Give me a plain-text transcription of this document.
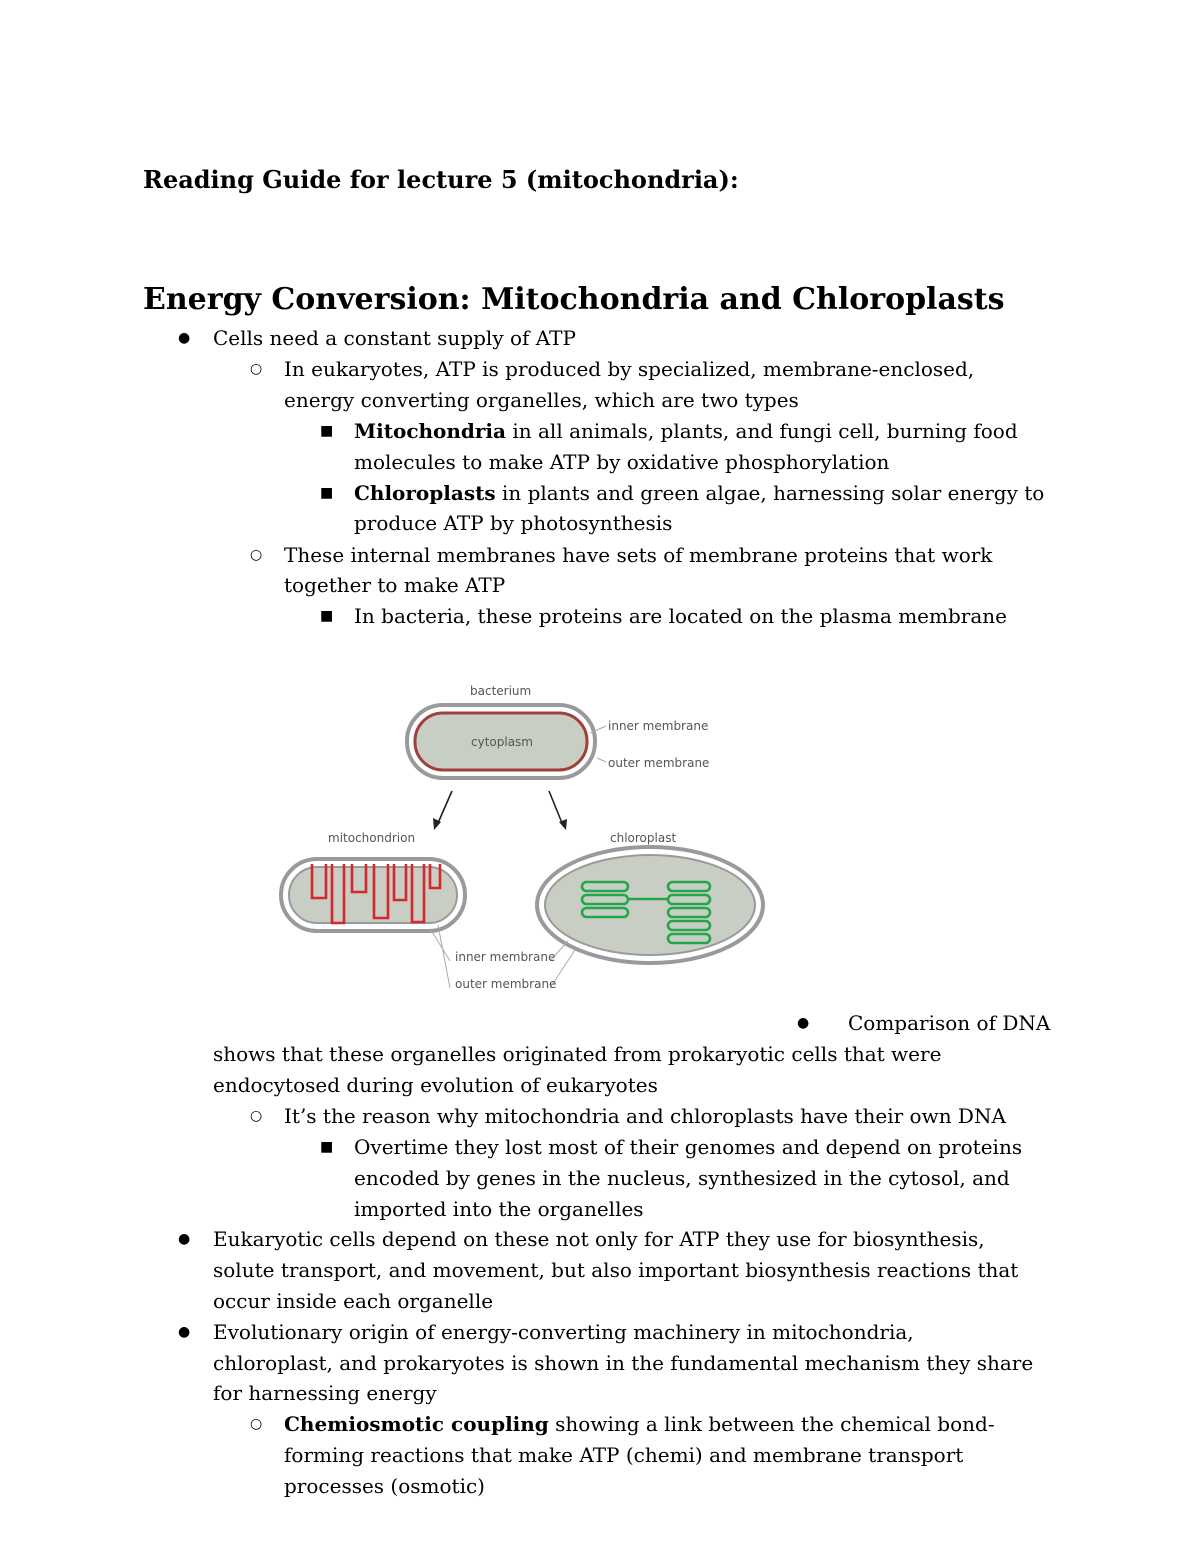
Reading Guide for lecture 5 (mitochondria):
Energy Conversion: Mitochondria and Chloroplasts
● Cells need a constant supply of ATP
○ In eukaryotes, ATP is produced by specialized, membrane-enclosed,
energy converting organelles, which are two types
■ Mitochondria in all animals, plants, and fungi cell, burning food
molecules to make ATP by oxidative phosphorylation
■ Chloroplasts in plants and green algae, harnessing solar energy to
produce ATP by photosynthesis
○ These internal membranes have sets of membrane proteins that work
together to make ATP
■ In bacteria, these proteins are located on the plasma membrane
bacterium
cytoplasm
inner membrane
outer membrane
mitochondrion	chloroplast
inner membrane
outer membrane
● Comparison of DNA
shows that these organelles originated from prokaryotic cells that were
endocytosed during evolution of eukaryotes
○ It’s the reason why mitochondria and chloroplasts have their own DNA
■ Overtime they lost most of their genomes and depend on proteins
encoded by genes in the nucleus, synthesized in the cytosol, and
imported into the organelles
● Eukaryotic cells depend on these not only for ATP they use for biosynthesis,
solute transport, and movement, but also important biosynthesis reactions that
occur inside each organelle
● Evolutionary origin of energy-converting machinery in mitochondria,
chloroplast, and prokaryotes is shown in the fundamental mechanism they share
for harnessing energy
○ Chemiosmotic coupling showing a link between the chemical bond-
forming reactions that make ATP (chemi) and membrane transport
processes (osmotic)
